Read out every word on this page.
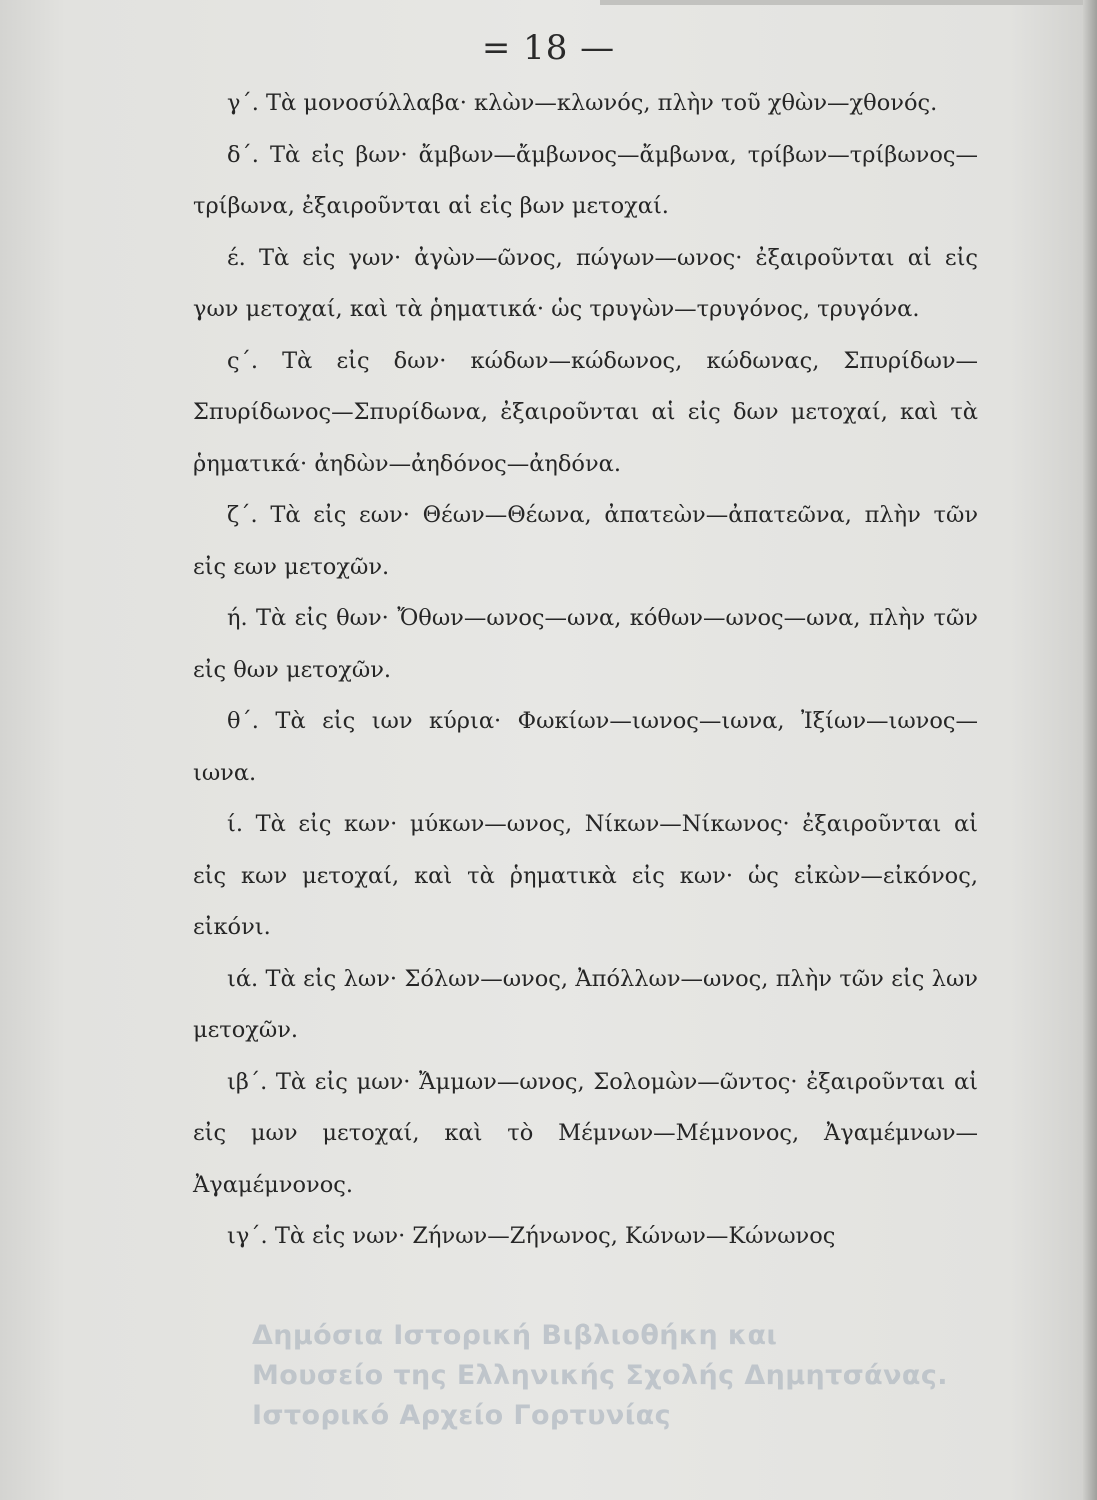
= 18 —

γ΄. Τὰ μονοσύλλαβα· κλὼν—κλωνός, πλὴν τοῦ χθὼν—χθονός.

δ΄. Τὰ εἰς βων· ἄμβων—ἄμβωνος—ἄμβωνα, τρίβων—τρίβωνος—τρίβωνα, ἐξαιροῦνται αἱ εἰς βων μετοχαί.

έ. Τὰ εἰς γων· ἀγὼν—ῶνος, πώγων—ωνος· ἐξαιροῦνται αἱ εἰς γων μετοχαί, καὶ τὰ ῥηματικά· ὡς τρυγὼν—τρυγόνος, τρυγόνα.

ς΄. Τὰ εἰς δων· κώδων—κώδωνος, κώδωνας, Σπυρίδων—Σπυρίδωνος—Σπυρίδωνα, ἐξαιροῦνται αἱ εἰς δων μετοχαί, καὶ τὰ ῥηματικά· ἀηδὼν—ἀηδόνος—ἀηδόνα.

ζ΄. Τὰ εἰς εων· Θέων—Θέωνα, ἀπατεὼν—ἀπατεῶνα, πλὴν τῶν εἰς εων μετοχῶν.

ή. Τὰ εἰς θων· Ὄθων—ωνος—ωνα, κόθων—ωνος—ωνα, πλὴν τῶν εἰς θων μετοχῶν.

θ΄. Τὰ εἰς ιων κύρια· Φωκίων—ιωνος—ιωνα, Ἰξίων—ιωνος—ιωνα.

ί. Τὰ εἰς κων· μύκων—ωνος, Νίκων—Νίκωνος· ἐξαιροῦνται αἱ εἰς κων μετοχαί, καὶ τὰ ῥηματικὰ εἰς κων· ὡς εἰκὼν—εἰκόνος, εἰκόνι.

ιά. Τὰ εἰς λων· Σόλων—ωνος, Ἀπόλλων—ωνος, πλὴν τῶν εἰς λων μετοχῶν.

ιβ΄. Τὰ εἰς μων· Ἄμμων—ωνος, Σολομὼν—ῶντος· ἐξαιροῦνται αἱ εἰς μων μετοχαί, καὶ τὸ Μέμνων—Μέμνονος, Ἀγαμέμνων—Ἀγαμέμνονος.

ιγ΄. Τὰ εἰς νων· Ζήνων—Ζήνωνος, Κώνων—Κώνωνος

Δημόσια Ιστορική Βιβλιοθήκη και
Μουσείο της Ελληνικής Σχολής Δημητσάνας.
Ιστορικό Αρχείο Γορτυνίας
